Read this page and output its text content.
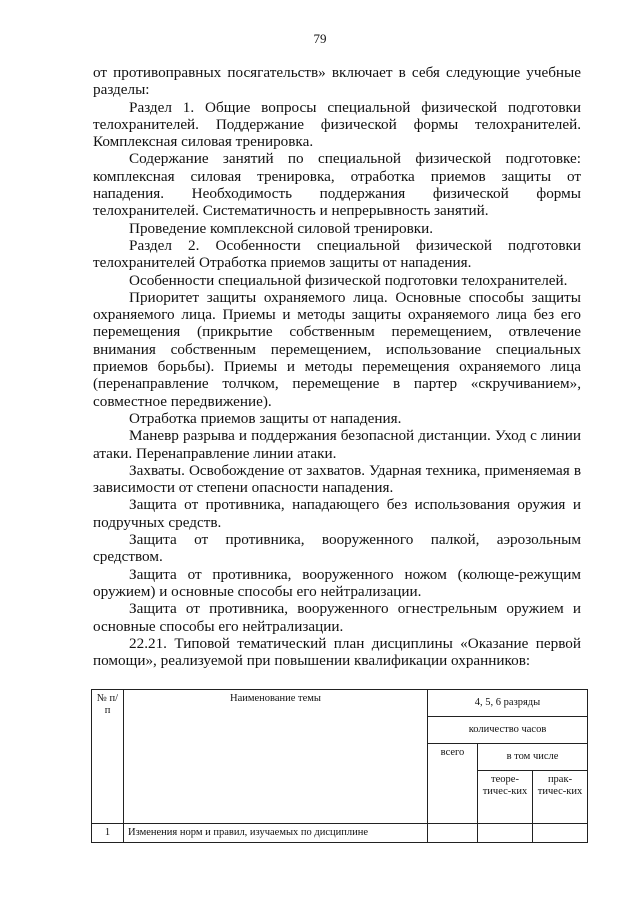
79

от противоправных посягательств» включает в себя следующие учебные разделы:

Раздел 1. Общие вопросы специальной физической подготовки телохранителей. Поддержание физической формы телохранителей. Комплексная силовая тренировка.

Содержание занятий по специальной физической подготовке: комплексная силовая тренировка, отработка приемов защиты от нападения. Необходимость поддержания физической формы телохранителей. Систематичность и непрерывность занятий.

Проведение комплексной силовой тренировки.

Раздел 2. Особенности специальной физической подготовки телохранителей Отработка приемов защиты от нападения.

Особенности специальной физической подготовки телохранителей.

Приоритет защиты охраняемого лица. Основные способы защиты охраняемого лица. Приемы и методы защиты охраняемого лица без его перемещения (прикрытие собственным перемещением, отвлечение внимания собственным перемещением, использование специальных приемов борьбы). Приемы и методы перемещения охраняемого лица (перенаправление толчком, перемещение в партер «скручиванием», совместное передвижение).

Отработка приемов защиты от нападения.

Маневр разрыва и поддержания безопасной дистанции. Уход с линии атаки. Перенаправление линии атаки.

Захваты. Освобождение от захватов. Ударная техника, применяемая в зависимости от степени опасности нападения.

Защита от противника, нападающего без использования оружия и подручных средств.

Защита от противника, вооруженного палкой, аэрозольным средством.

Защита от противника, вооруженного ножом (колюще-режущим оружием) и основные способы его нейтрализации.

Защита от противника, вооруженного огнестрельным оружием и основные способы его нейтрализации.

22.21. Типовой тематический план дисциплины «Оказание первой помощи», реализуемой при повышении квалификации охранников:

№ п/п	Наименование темы	4, 5, 6 разряды		
		количество часов		
		всего	в том числе	
			теоре-тичес-ких	прак-тичес-ких
1	Изменения норм и правил, изучаемых по дисциплине			
